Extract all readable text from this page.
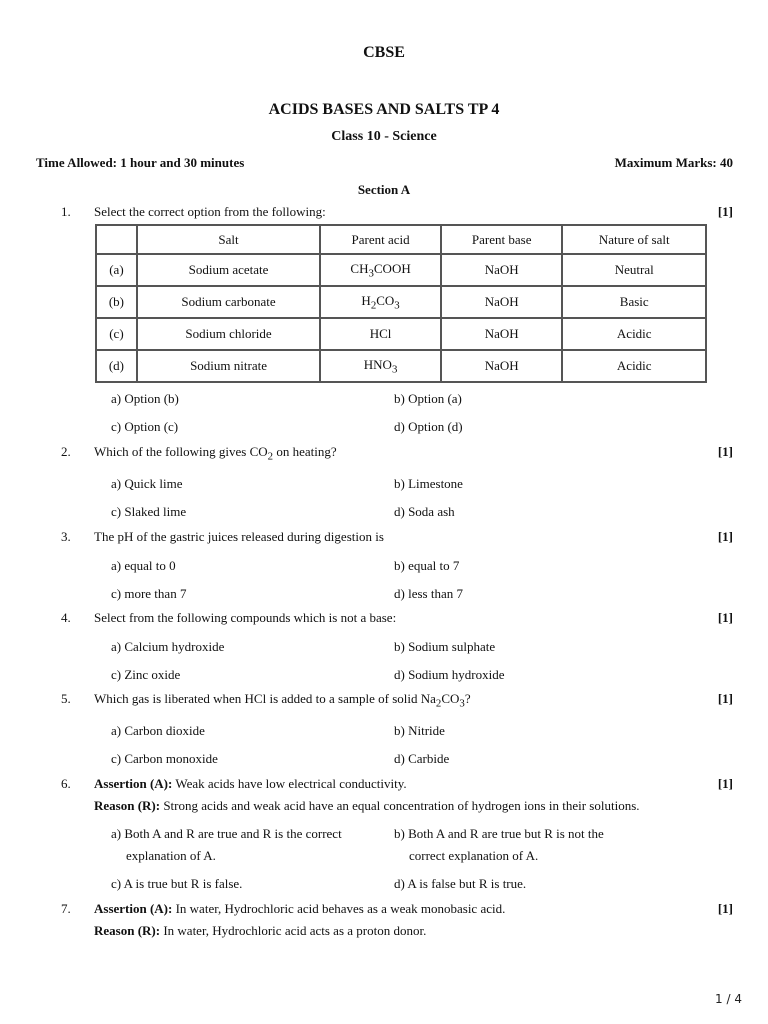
CBSE
ACIDS BASES AND SALTS TP 4
Class 10 - Science
Time Allowed: 1 hour and 30 minutes	Maximum Marks: 40
Section A
1. Select the correct option from the following:	[1]
	Salt	Parent acid	Parent base	Nature of salt
(a)	Sodium acetate	$CH_3COOH$	NaOH	Neutral
(b)	Sodium carbonate	$H_2CO_3$	NaOH	Basic
(c)	Sodium chloride	HCl	NaOH	Acidic
(d)	Sodium nitrate	$HNO_3$	NaOH	Acidic
a) Option (b)	b) Option (a)
c) Option (c)	d) Option (d)
2. Which of the following gives $CO_2$ on heating?	[1]
a) Quick lime	b) Limestone
c) Slaked lime	d) Soda ash
3. The pH of the gastric juices released during digestion is	[1]
a) equal to 0	b) equal to 7
c) more than 7	d) less than 7
4. Select from the following compounds which is not a base:	[1]
a) Calcium hydroxide	b) Sodium sulphate
c) Zinc oxide	d) Sodium hydroxide
5. Which gas is liberated when HCl is added to a sample of solid $Na_2CO_3$?	[1]
a) Carbon dioxide	b) Nitride
c) Carbon monoxide	d) Carbide
6. Assertion (A): Weak acids have low electrical conductivity.	[1]
Reason (R): Strong acids and weak acid have an equal concentration of hydrogen ions in their solutions.
a) Both A and R are true and R is the correct
explanation of A.
b) Both A and R are true but R is not the
correct explanation of A.
c) A is true but R is false.	d) A is false but R is true.
7. Assertion (A): In water, Hydrochloric acid behaves as a weak monobasic acid.	[1]
Reason (R): In water, Hydrochloric acid acts as a proton donor.
1 / 4
